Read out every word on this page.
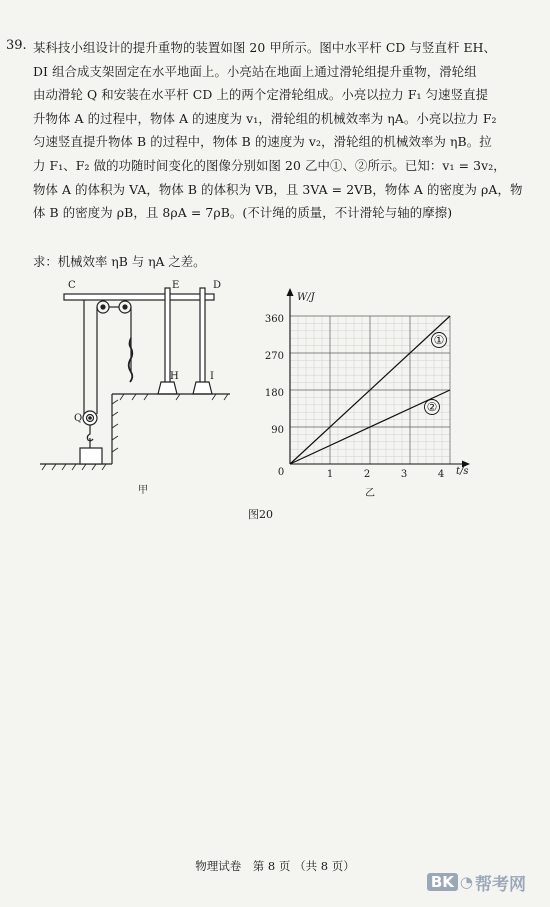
39. 某科技小组设计的提升重物的装置如图 20 甲所示。图中水平杆 CD 与竖直杆 EH、
DI 组合成支架固定在水平地面上。小亮站在地面上通过滑轮组提升重物，滑轮组
由动滑轮 Q 和安装在水平杆 CD 上的两个定滑轮组成。小亮以拉力 F₁ 匀速竖直提
升物体 A 的过程中，物体 A 的速度为 v₁，滑轮组的机械效率为 ηA。小亮以拉力 F₂
匀速竖直提升物体 B 的过程中，物体 B 的速度为 v₂，滑轮组的机械效率为 ηB。拉
力 F₁、F₂ 做的功随时间变化的图像分别如图 20 乙中①、②所示。已知：v₁ = 3v₂，
物体 A 的体积为 VA，物体 B 的体积为 VB，且 3VA = 2VB，物体 A 的密度为 ρA，物
体 B 的密度为 ρB，且 8ρA = 7ρB。(不计绳的质量，不计滑轮与轴的摩擦)
求：机械效率 ηB 与 ηA 之差。
C	E	D
H	I
Q
甲
90
180
270
360
1	2	3	4
0
W/J
t/s
①
②
乙
图20
物理试卷　第 8 页 （共 8 页）
BK ◔ 帮考网
